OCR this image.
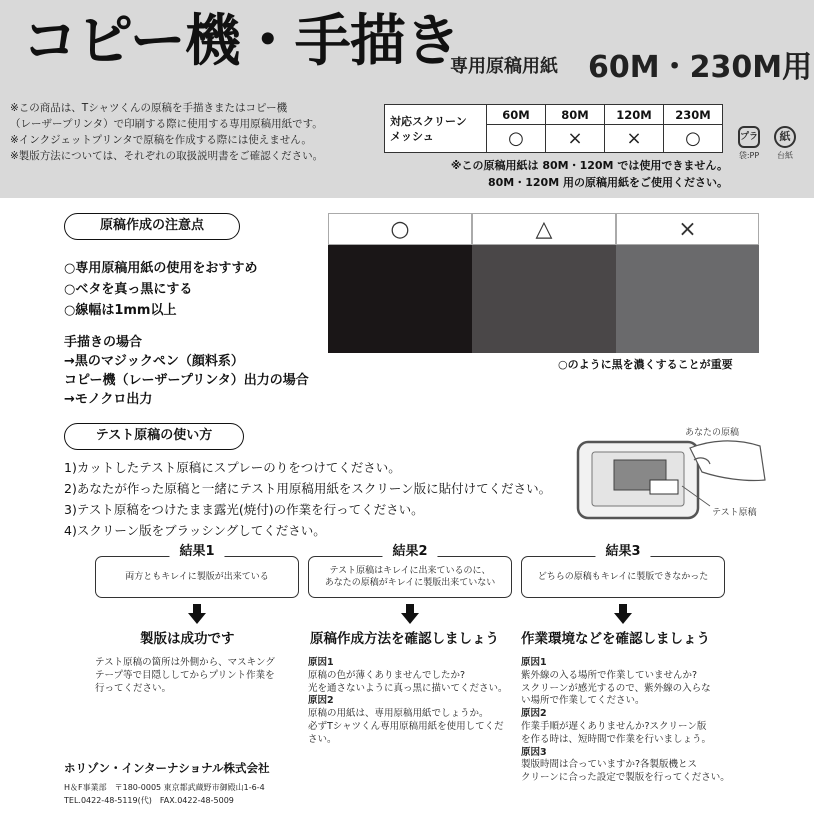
コピー機・手描き
専用原稿用紙 60M・230M用
※この商品は、Tシャツくんの原稿を手描きまたはコピー機
（レーザープリンタ）で印刷する際に使用する専用原稿用紙です。
※インクジェットプリンタで原稿を作成する際には使えません。
※製版方法については、それぞれの取扱説明書をご確認ください。
対応スクリーン
メッシュ	60M	80M	120M	230M
	○	×	×	○
※この原稿用紙は 80M・120M では使用できません。
80M・120M 用の原稿用紙をご使用ください。
プラ
袋:PP
紙
台紙
原稿作成の注意点
○専用原稿用紙の使用をおすすめ
○ベタを真っ黒にする
○線幅は1mm以上
手描きの場合
→黒のマジックペン（顔料系）
コピー機（レーザープリンタ）出力の場合
→モノクロ出力
○	△	×
○のように黒を濃くすることが重要
テスト原稿の使い方
1)カットしたテスト原稿にスプレーのりをつけてください。
2)あなたが作った原稿と一緒にテスト用原稿用紙をスクリーン版に貼付けてください。
3)テスト原稿をつけたまま露光(焼付)の作業を行ってください。
4)スクリーン版をブラッシングしてください。
あなたの原稿
テスト原稿
結果1
両方ともキレイに製版が出来ている
結果2
テスト原稿はキレイに出来ているのに、
あなたの原稿がキレイに製版出来ていない
結果3
どちらの原稿もキレイに製版できなかった
製版は成功です	原稿作成方法を確認しましょう 作業環境などを確認しましょう
テスト原稿の箇所は外側から、マスキング
テープ等で目隠ししてからプリント作業を
行ってください。
原因1
原稿の色が薄くありませんでしたか?
光を通さないように真っ黒に描いてください。
原因2
原稿の用紙は、専用原稿用紙でしょうか。
必ずTシャツくん専用原稿用紙を使用してくだ
さい。
原因1
紫外線の入る場所で作業していませんか?
スクリーンが感光するので、紫外線の入らな
い場所で作業してください。
原因2
作業手順が遅くありませんか?スクリーン版
を作る時は、短時間で作業を行いましょう。
原因3
製版時間は合っていますか?各製版機とス
クリーンに合った設定で製版を行ってください。
ホリゾン・インターナショナル株式会社
H＆F事業部　〒180-0005 東京都武蔵野市御殿山1-6-4
TEL.0422-48-5119(代)　FAX.0422-48-5009
